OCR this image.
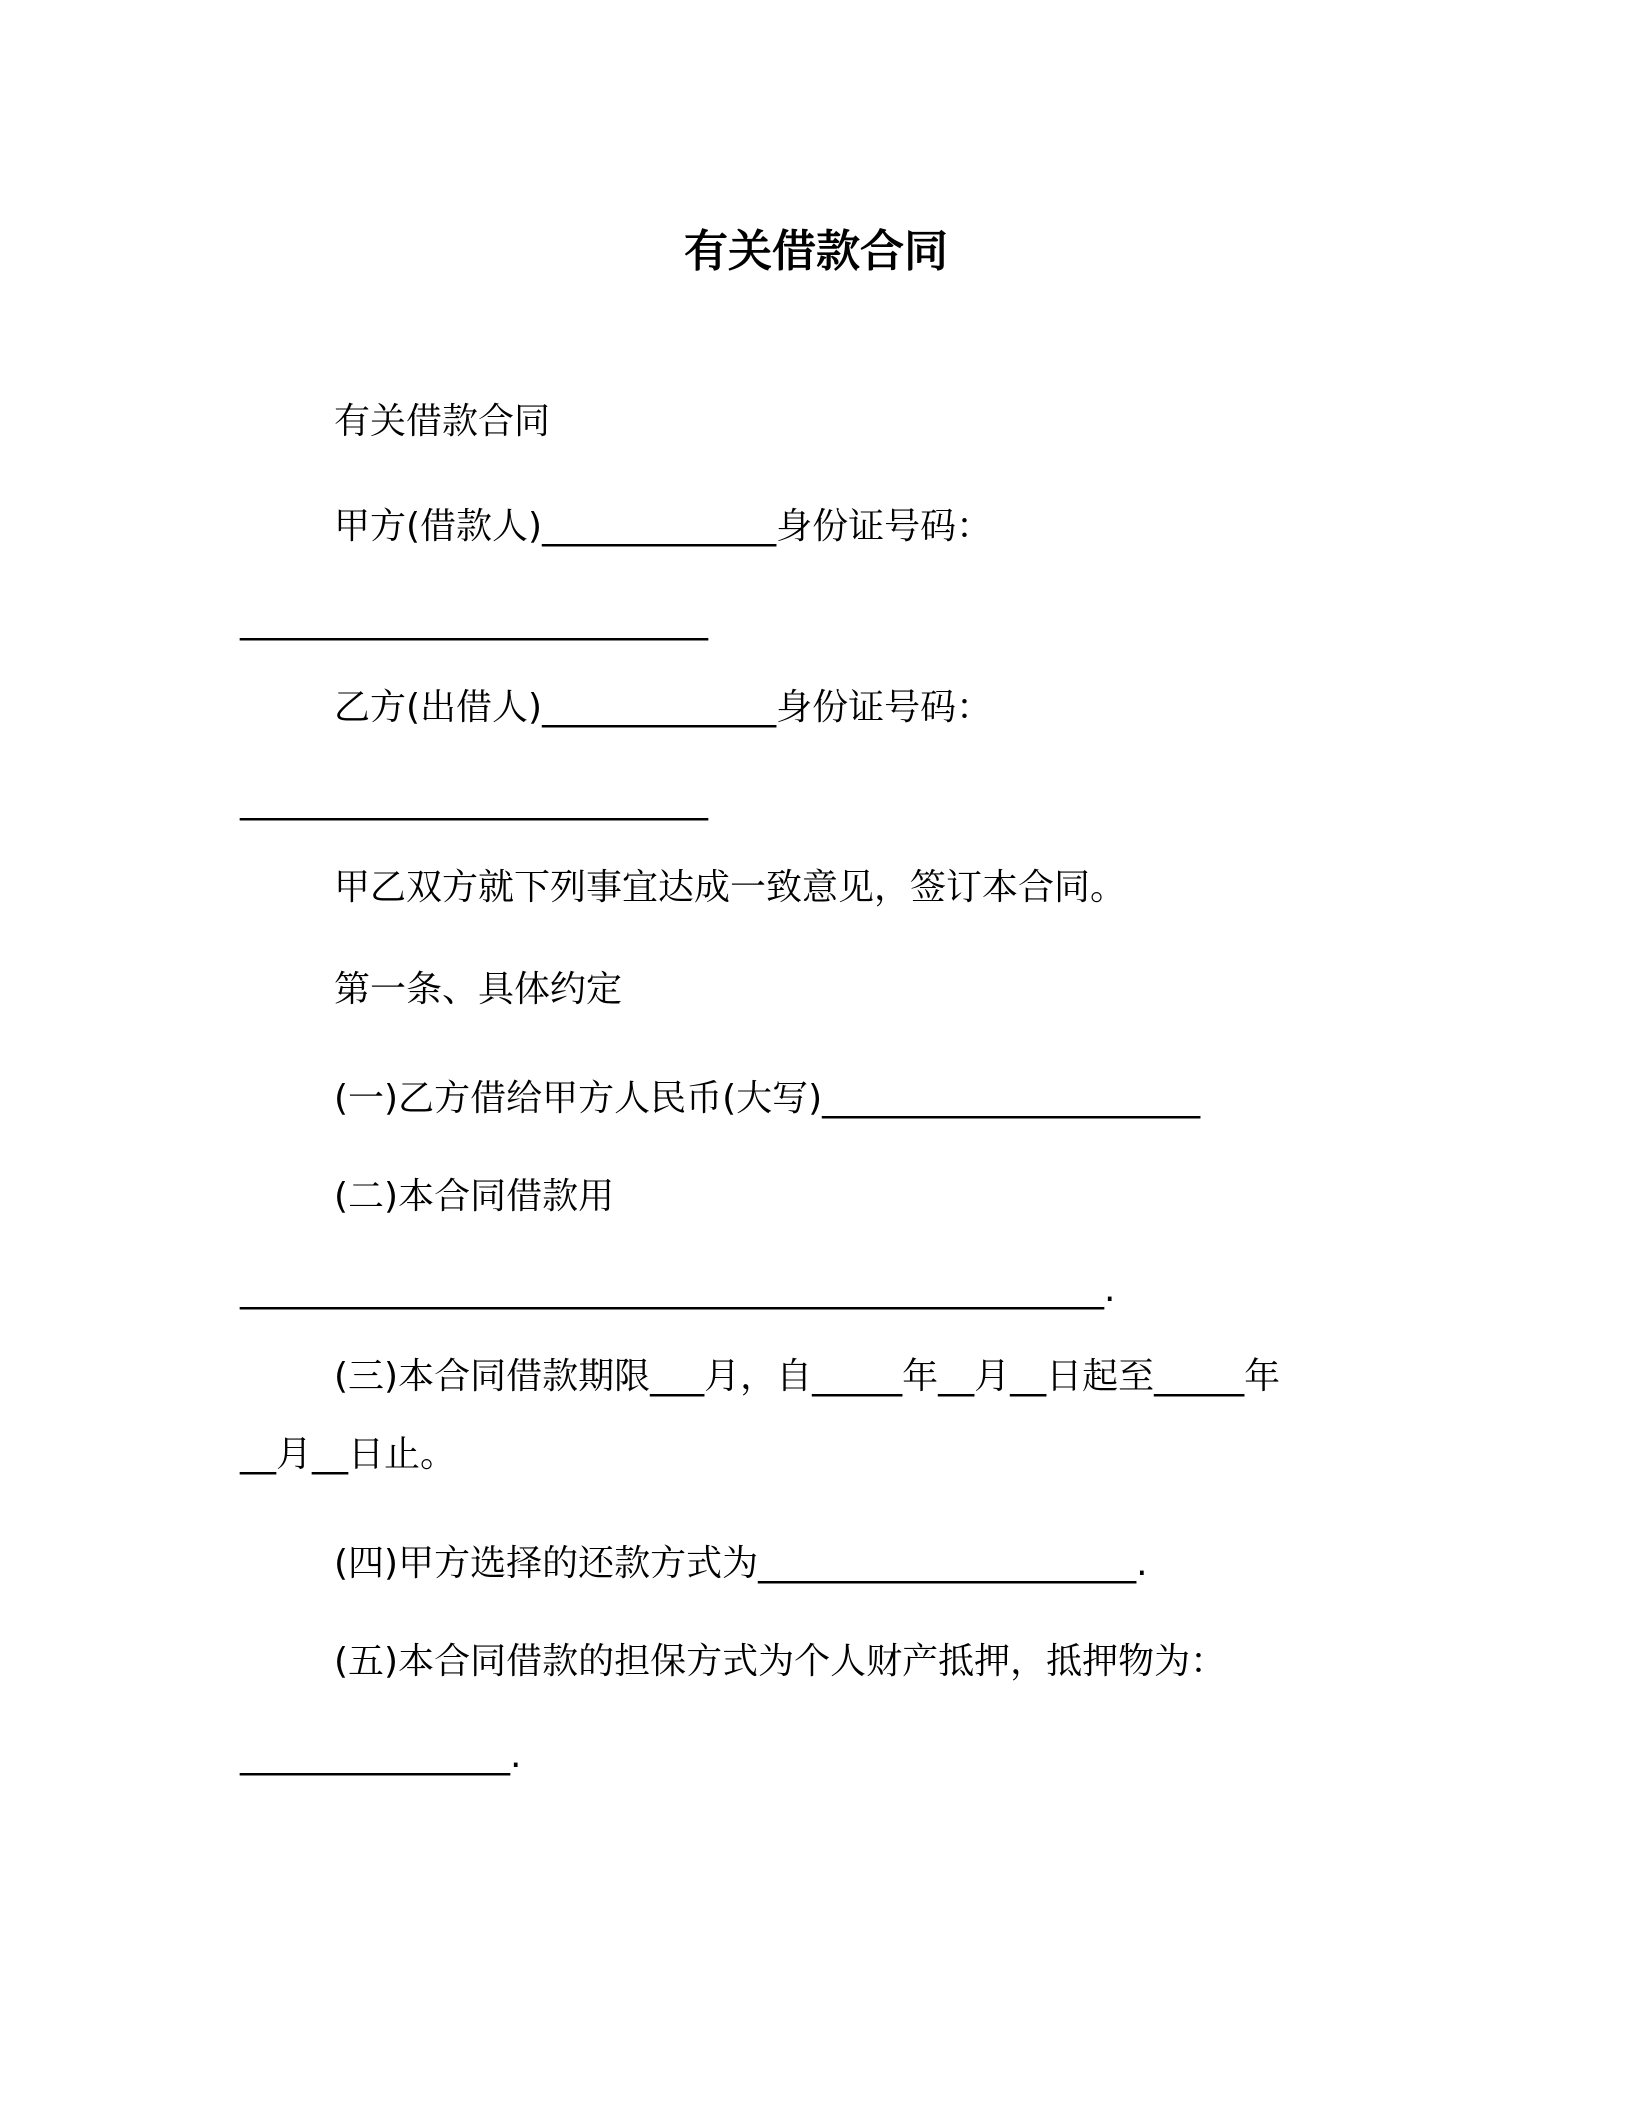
有关借款合同
有关借款合同
甲方(借款人)_____________身份证号码：
__________________________
乙方(出借人)_____________身份证号码：
__________________________
甲乙双方就下列事宜达成一致意见，签订本合同。
第一条、具体约定
(一)乙方借给甲方人民币(大写)_____________________
(二)本合同借款用
________________________________________________.
(三)本合同借款期限___月，自_____年__月__日起至_____年
__月__日止。
(四)甲方选择的还款方式为_____________________.
(五)本合同借款的担保方式为个人财产抵押，抵押物为：
_______________.
